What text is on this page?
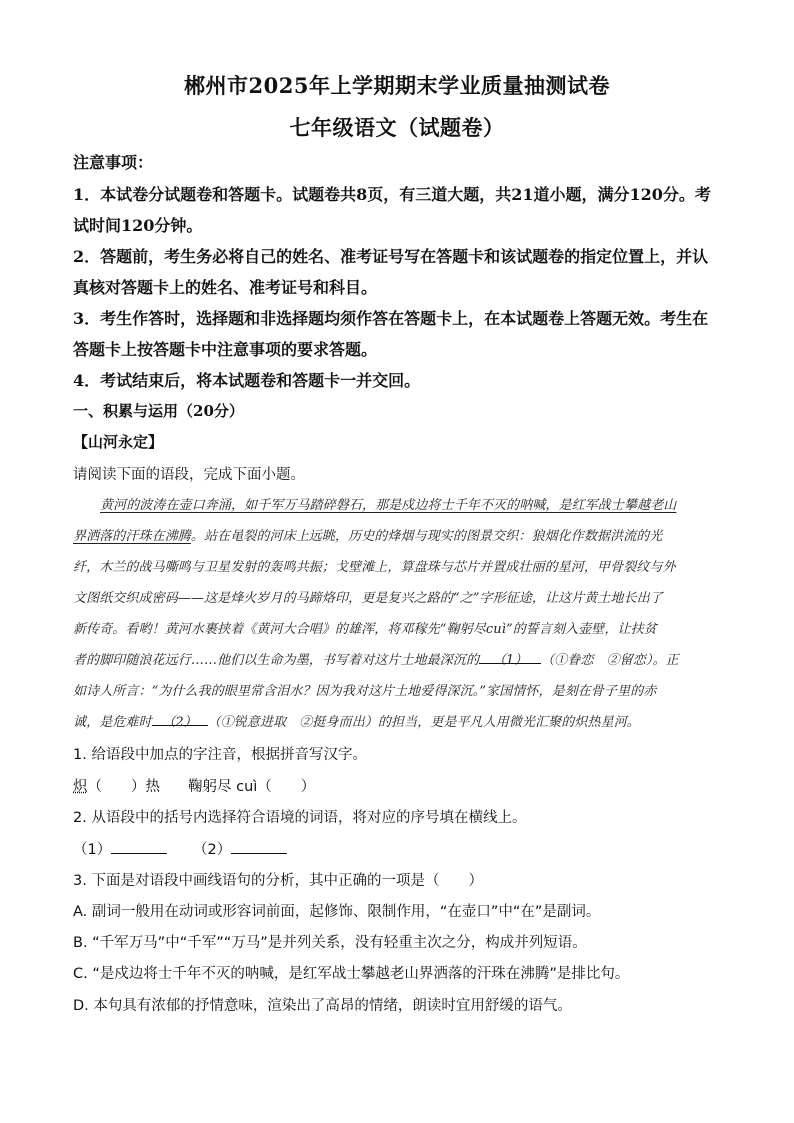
郴州市2025年上学期期末学业质量抽测试卷
七年级语文（试题卷）
注意事项：
1．本试卷分试题卷和答题卡。试题卷共8页，有三道大题，共21道小题，满分120分。考
试时间120分钟。
2．答题前，考生务必将自己的姓名、准考证号写在答题卡和该试题卷的指定位置上，并认
真核对答题卡上的姓名、准考证号和科目。
3．考生作答时，选择题和非选择题均须作答在答题卡上，在本试题卷上答题无效。考生在
答题卡上按答题卡中注意事项的要求答题。
4．考试结束后，将本试题卷和答题卡一并交回。
一、积累与运用（20分）
【山河永定】
请阅读下面的语段，完成下面小题。
黄河的波涛在壶口奔涌，如千军万马踏碎磐石，那是戍边将士千年不灭的呐喊，是红军战士攀越老山
界洒落的汗珠在沸腾。站在黾裂的河床上远眺，历史的烽烟与现实的图景交织：狼烟化作数据洪流的光
纤，木兰的战马嘶鸣与卫星发射的轰鸣共振；戈壁滩上，算盘珠与芯片并置成壮丽的星河，甲骨裂纹与外
文图纸交织成密码——这是烽火岁月的马蹄烙印，更是复兴之路的“之”字形征途，让这片黄土地长出了
新传奇。看哟！黄河水裹挟着《黄河大合唱》的雄浑，将邓稼先“鞠躬尽cuì”的誓言刻入壶壁，让扶贫
者的脚印随浪花远行……他们以生命为墨，书写着对这片土地最深沉的 （1） （①眷恋　②留恋）。正
如诗人所言：“为什么我的眼里常含泪水？因为我对这片土地爱得深沉。”家国情怀，是刻在骨子里的赤
诚，是危难时 （2） （①锐意进取　②挺身而出）的担当，更是平凡人用微光汇聚的炽热星河。
1. 给语段中加点的字注音，根据拼音写汉字。
炽（　　）热 鞠躬尽 cuì（　　）
2. 从语段中的括号内选择符合语境的词语，将对应的序号填在横线上。
（1）	（2）
3. 下面是对语段中画线语句的分析，其中正确的一项是（　　）
A. 副词一般用在动词或形容词前面，起修饰、限制作用，“在壶口”中“在”是副词。
B. “千军万马”中“千军”“万马”是并列关系，没有轻重主次之分，构成并列短语。
C. “是戍边将士千年不灭的呐喊，是红军战士攀越老山界洒落的汗珠在沸腾”是排比句。
D. 本句具有浓郁的抒情意味，渲染出了高昂的情绪，朗读时宜用舒缓的语气。
